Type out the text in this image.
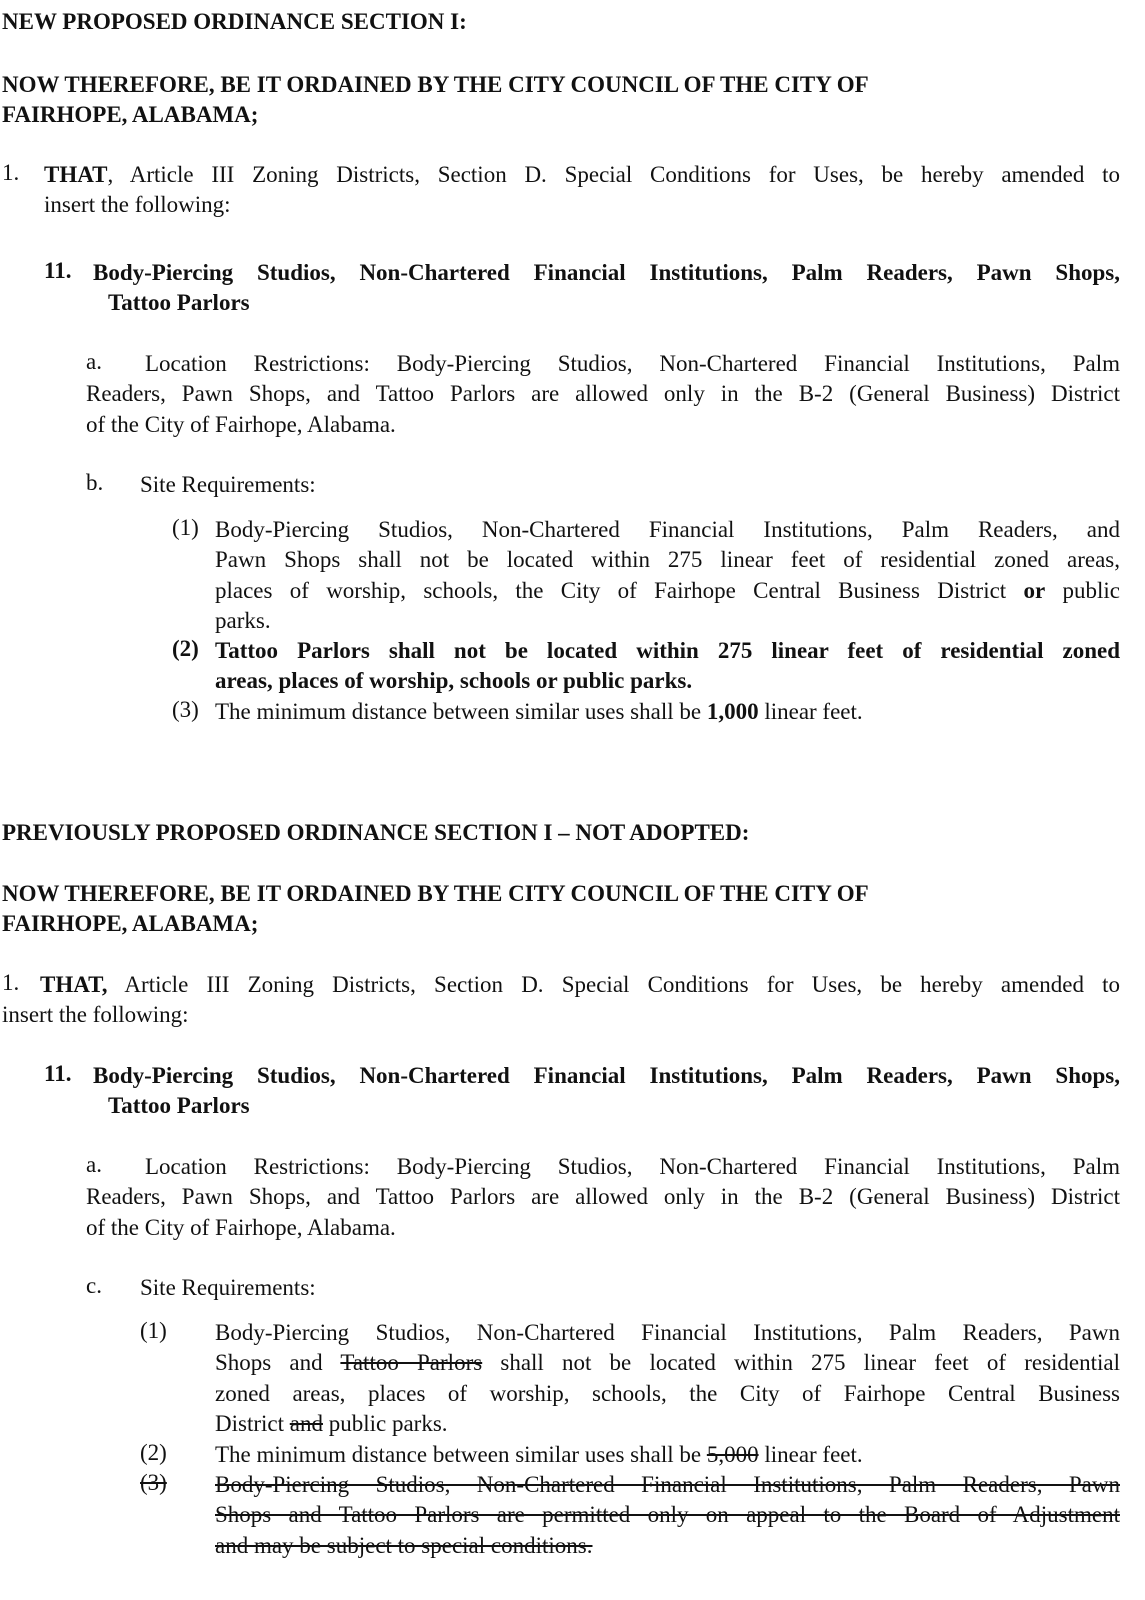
NEW PROPOSED ORDINANCE SECTION I:
NOW THEREFORE, BE IT ORDAINED BY THE CITY COUNCIL OF THE CITY OF
FAIRHOPE, ALABAMA;
1. THAT, Article III Zoning Districts, Section D. Special Conditions for Uses, be hereby amended to
insert the following:
11. Body-Piercing Studios, Non-Chartered Financial Institutions, Palm Readers, Pawn Shops,
Tattoo Parlors
a. Location Restrictions: Body-Piercing Studios, Non-Chartered Financial Institutions, Palm
Readers, Pawn Shops, and Tattoo Parlors are allowed only in the B-2 (General Business) District
of the City of Fairhope, Alabama.
b. Site Requirements:
(1) Body-Piercing Studios, Non-Chartered Financial Institutions, Palm Readers, and
Pawn Shops shall not be located within 275 linear feet of residential zoned areas,
places of worship, schools, the City of Fairhope Central Business District or public
parks.
(2) Tattoo Parlors shall not be located within 275 linear feet of residential zoned
areas, places of worship, schools or public parks.
(3) The minimum distance between similar uses shall be 1,000 linear feet.
PREVIOUSLY PROPOSED ORDINANCE SECTION I – NOT ADOPTED:
NOW THEREFORE, BE IT ORDAINED BY THE CITY COUNCIL OF THE CITY OF
FAIRHOPE, ALABAMA;
1. THAT, Article III Zoning Districts, Section D. Special Conditions for Uses, be hereby amended to
insert the following:
11. Body-Piercing Studios, Non-Chartered Financial Institutions, Palm Readers, Pawn Shops,
Tattoo Parlors
a. Location Restrictions: Body-Piercing Studios, Non-Chartered Financial Institutions, Palm
Readers, Pawn Shops, and Tattoo Parlors are allowed only in the B-2 (General Business) District
of the City of Fairhope, Alabama.
c. Site Requirements:
(1) Body-Piercing Studios, Non-Chartered Financial Institutions, Palm Readers, Pawn
Shops and Tattoo Parlors shall not be located within 275 linear feet of residential
zoned areas, places of worship, schools, the City of Fairhope Central Business
District and public parks.
(2) The minimum distance between similar uses shall be 5,000 linear feet.
(3)	Body-Piercing Studios, Non-Chartered Financial Institutions, Palm Readers, Pawn
Shops and Tattoo Parlors are permitted only on appeal to the Board of Adjustment
and may be subject to special conditions.
